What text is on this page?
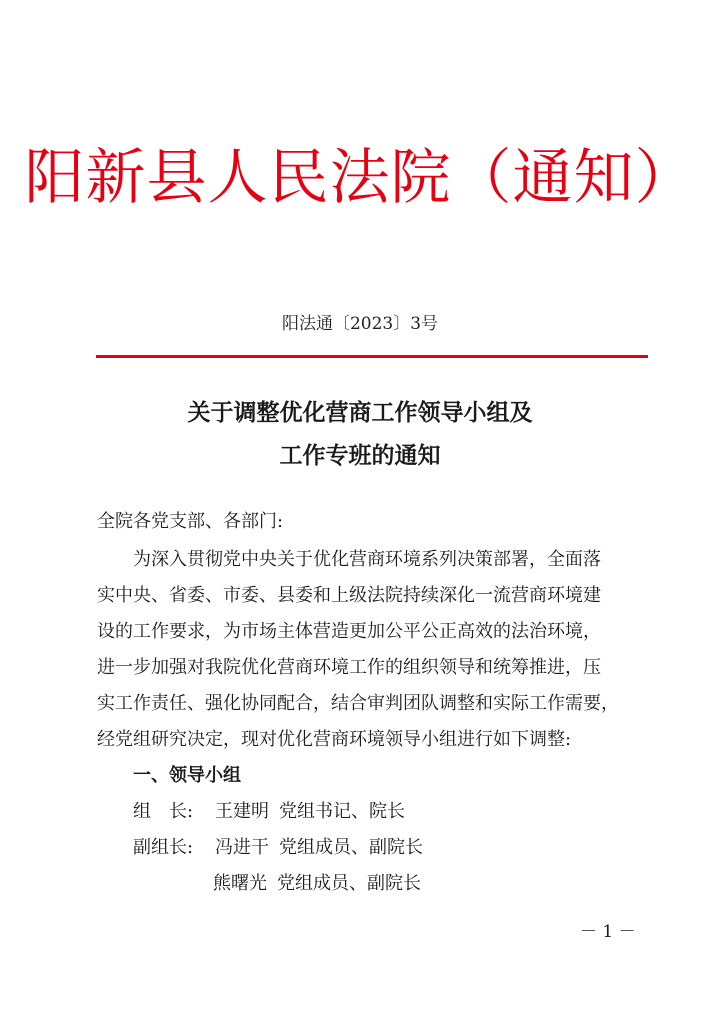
阳新县人民法院（通知）
阳法通〔2023〕3号
关于调整优化营商工作领导小组及
工作专班的通知
全院各党支部、各部门:
　　为深入贯彻党中央关于优化营商环境系列决策部署，全面落
实中央、省委、市委、县委和上级法院持续深化一流营商环境建
设的工作要求，为市场主体营造更加公平公正高效的法治环境，
进一步加强对我院优化营商环境工作的组织领导和统筹推进，压
实工作责任、强化协同配合，结合审判团队调整和实际工作需要，
经党组研究决定，现对优化营商环境领导小组进行如下调整:
一、领导小组
组　长: 王建明 党组书记、院长
副组长: 冯进干 党组成员、副院长
熊曙光 党组成员、副院长
－ 1 －
